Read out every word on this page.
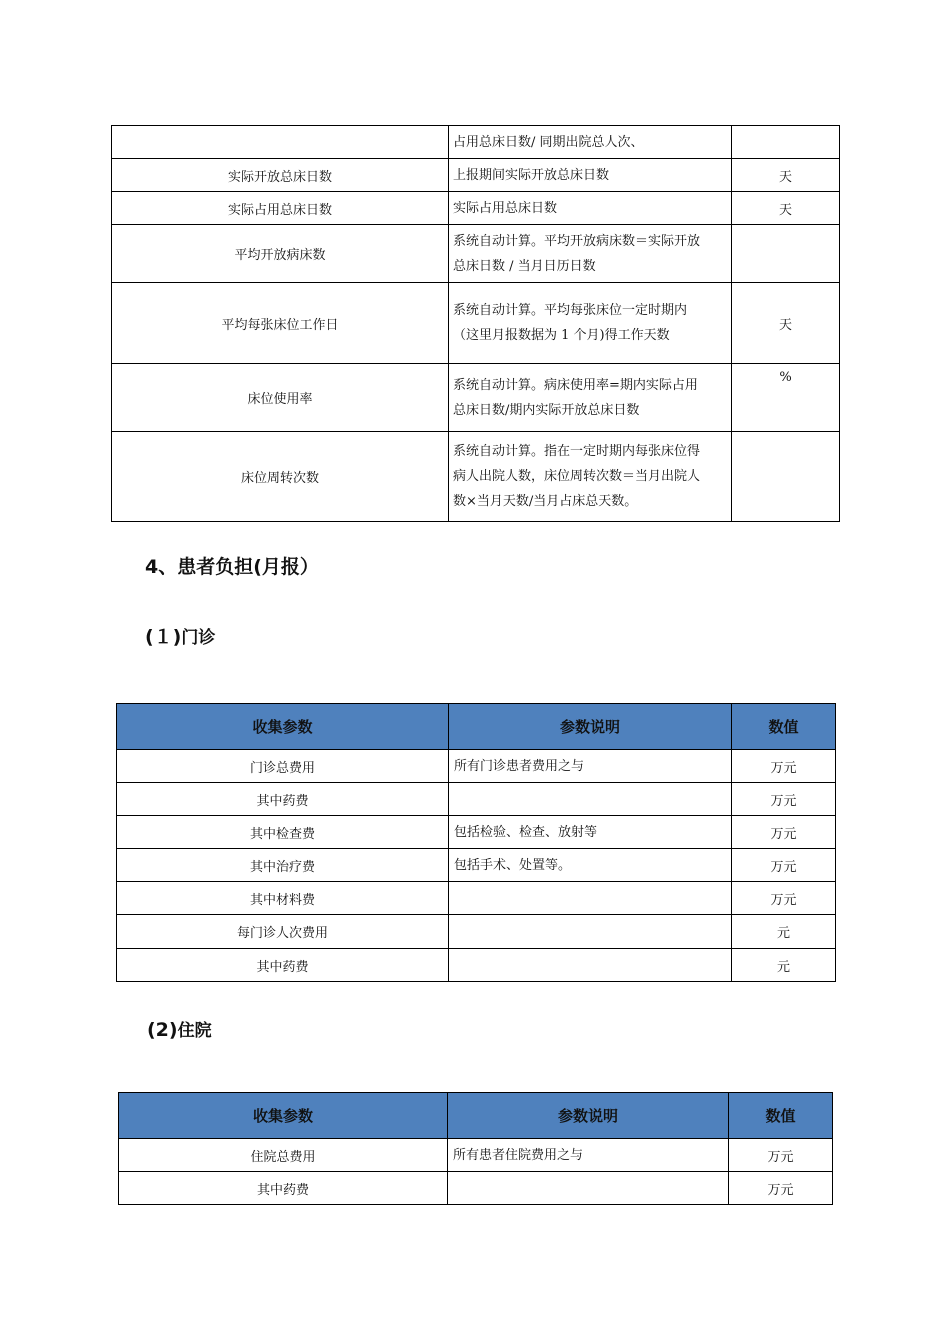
	占用总床日数/ 同期出院总人次、	
实际开放总床日数	上报期间实际开放总床日数	天
实际占用总床日数	实际占用总床日数	天
平均开放病床数	系统自动计算。平均开放病床数＝实际开放
总床日数 / 当月日历日数	

平均每张床位工作日	系统自动计算。平均每张床位一定时期内
（这里月报数据为 1 个月)得工作天数	天
床位使用率	系统自动计算。病床使用率=期内实际占用
总床日数/期内实际开放总床日数	%
床位周转次数	系统自动计算。指在一定时期内每张床位得
病人出院人数，床位周转次数＝当月出院人
数×当月天数/当月占床总天数。	

4、患者负担(月报）
(１)门诊
收集参数	参数说明	数值
门诊总费用	所有门诊患者费用之与	万元
其中药费		万元
其中检查费	包括检验、检查、放射等	万元
其中治疗费	包括手术、处置等。	万元
其中材料费		万元
每门诊人次费用		元
其中药费		元
(2)住院
收集参数	参数说明	数值
住院总费用	所有患者住院费用之与	万元
其中药费		万元
